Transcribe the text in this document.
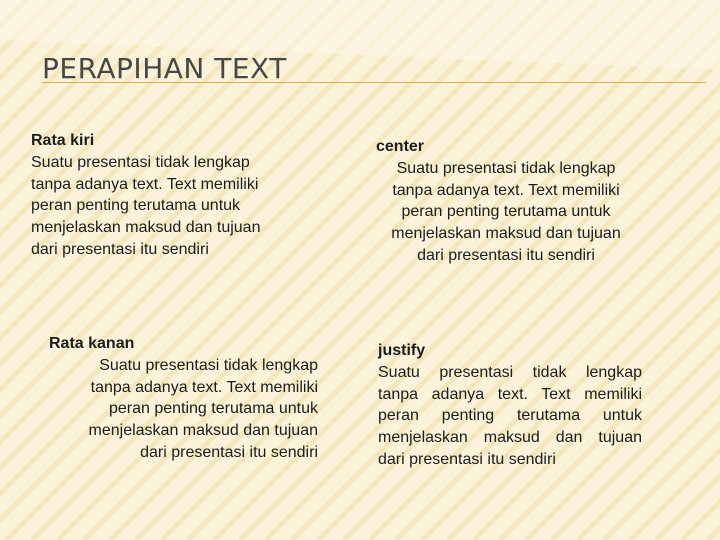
PERAPIHAN TEXT
Rata kiri
Suatu presentasi tidak lengkap
tanpa adanya text. Text memiliki
peran penting terutama untuk
menjelaskan maksud dan tujuan
dari presentasi itu sendiri
center
Suatu presentasi tidak lengkap
tanpa adanya text. Text memiliki
peran penting terutama untuk
menjelaskan maksud dan tujuan
dari presentasi itu sendiri
Rata kanan
Suatu presentasi tidak lengkap
tanpa adanya text. Text memiliki
peran penting terutama untuk
menjelaskan maksud dan tujuan
dari presentasi itu sendiri
justify
Suatu presentasi tidak lengkap
tanpa adanya text. Text memiliki
peran penting terutama untuk
menjelaskan maksud dan tujuan
dari presentasi itu sendiri
